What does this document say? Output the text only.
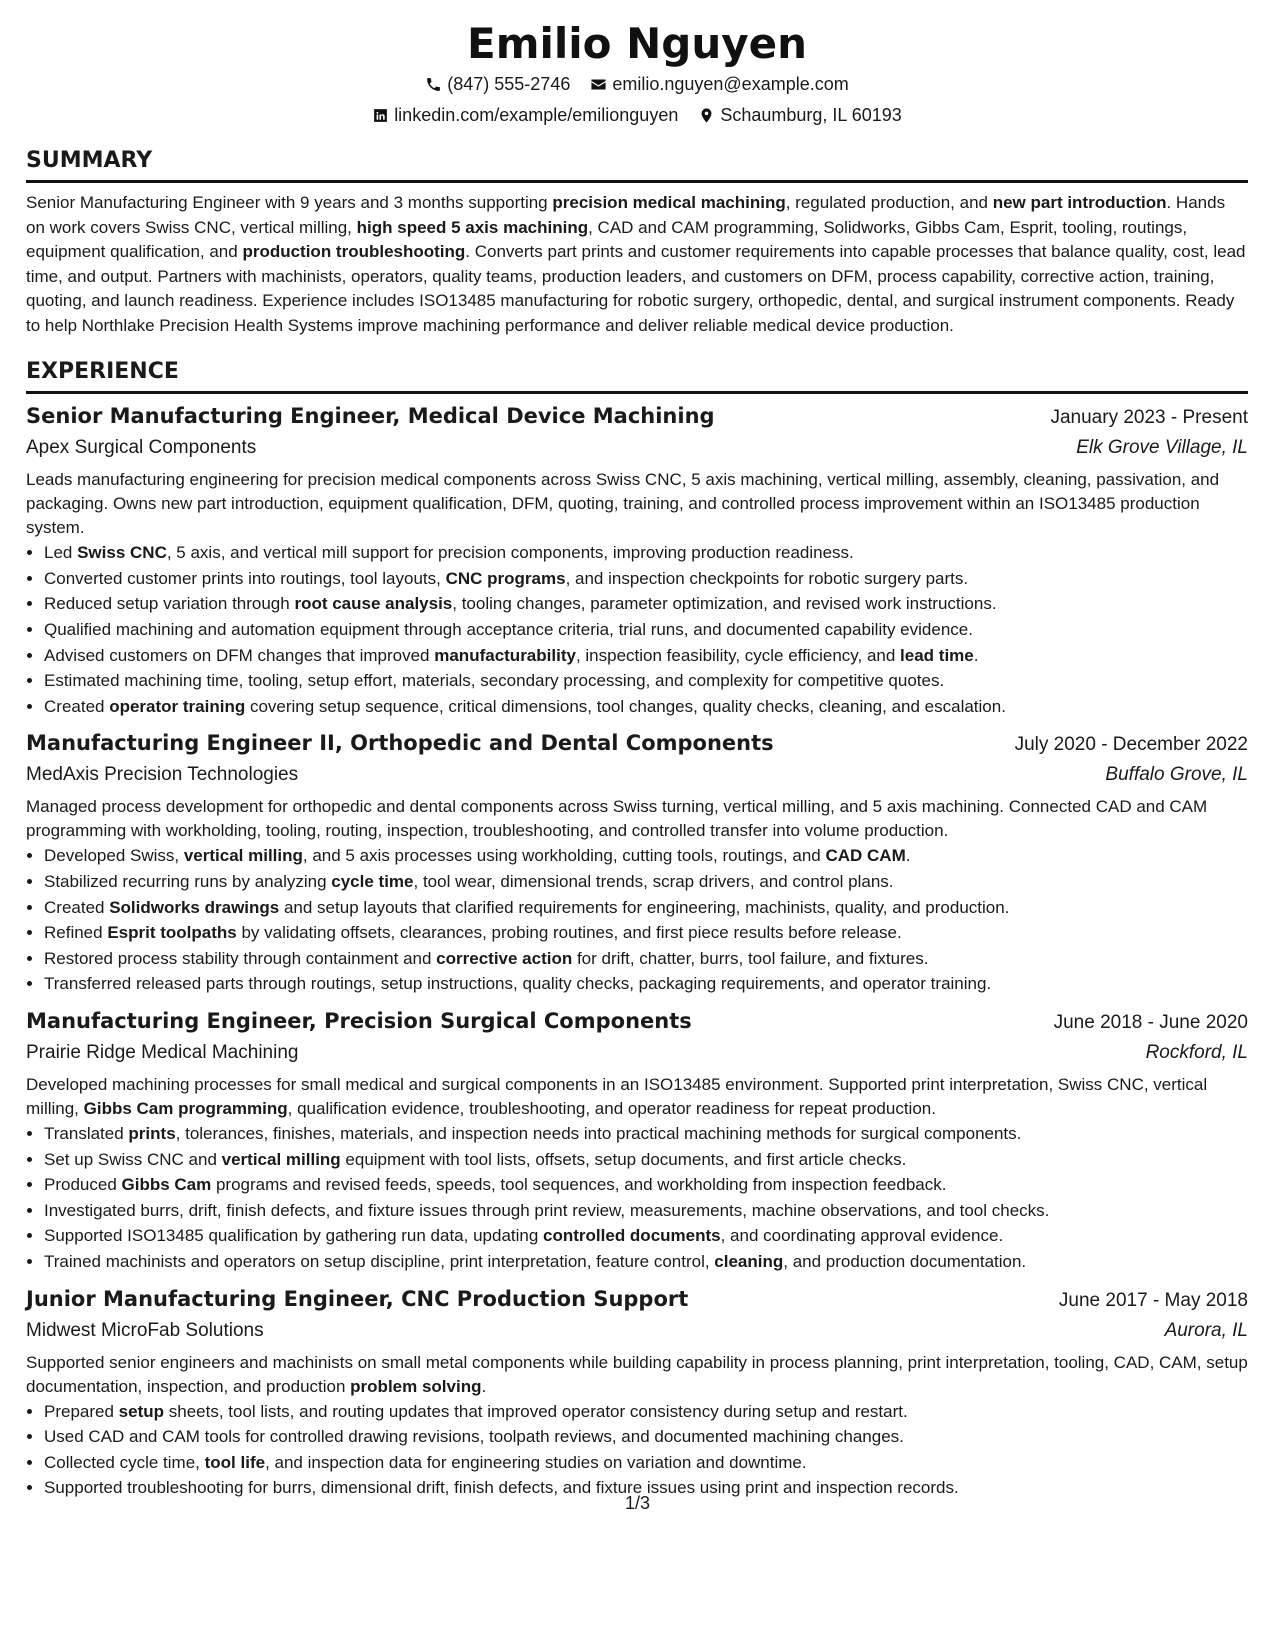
Emilio Nguyen
(847) 555-2746 emilio.nguyen@example.com
linkedin.com/example/emilionguyen Schaumburg, IL 60193
SUMMARY
Senior Manufacturing Engineer with 9 years and 3 months supporting precision medical machining, regulated production, and new part introduction. Hands on work covers Swiss CNC, vertical milling, high speed 5 axis machining, CAD and CAM programming, Solidworks, Gibbs Cam, Esprit, tooling, routings, equipment qualification, and production troubleshooting. Converts part prints and customer requirements into capable processes that balance quality, cost, lead time, and output. Partners with machinists, operators, quality teams, production leaders, and customers on DFM, process capability, corrective action, training, quoting, and launch readiness. Experience includes ISO13485 manufacturing for robotic surgery, orthopedic, dental, and surgical instrument components. Ready to help Northlake Precision Health Systems improve machining performance and deliver reliable medical device production.
EXPERIENCE
Senior Manufacturing Engineer, Medical Device Machining	January 2023 - Present
Apex Surgical Components	Elk Grove Village, IL
Leads manufacturing engineering for precision medical components across Swiss CNC, 5 axis machining, vertical milling, assembly, cleaning, passivation, and packaging. Owns new part introduction, equipment qualification, DFM, quoting, training, and controlled process improvement within an ISO13485 production system.
• Led Swiss CNC, 5 axis, and vertical mill support for precision components, improving production readiness.
• Converted customer prints into routings, tool layouts, CNC programs, and inspection checkpoints for robotic surgery parts.
• Reduced setup variation through root cause analysis, tooling changes, parameter optimization, and revised work instructions.
• Qualified machining and automation equipment through acceptance criteria, trial runs, and documented capability evidence.
• Advised customers on DFM changes that improved manufacturability, inspection feasibility, cycle efficiency, and lead time.
• Estimated machining time, tooling, setup effort, materials, secondary processing, and complexity for competitive quotes.
• Created operator training covering setup sequence, critical dimensions, tool changes, quality checks, cleaning, and escalation.
Manufacturing Engineer II, Orthopedic and Dental Components	July 2020 - December 2022
MedAxis Precision Technologies	Buffalo Grove, IL
Managed process development for orthopedic and dental components across Swiss turning, vertical milling, and 5 axis machining. Connected CAD and CAM programming with workholding, tooling, routing, inspection, troubleshooting, and controlled transfer into volume production.
• Developed Swiss, vertical milling, and 5 axis processes using workholding, cutting tools, routings, and CAD CAM.
• Stabilized recurring runs by analyzing cycle time, tool wear, dimensional trends, scrap drivers, and control plans.
• Created Solidworks drawings and setup layouts that clarified requirements for engineering, machinists, quality, and production.
• Refined Esprit toolpaths by validating offsets, clearances, probing routines, and first piece results before release.
• Restored process stability through containment and corrective action for drift, chatter, burrs, tool failure, and fixtures.
• Transferred released parts through routings, setup instructions, quality checks, packaging requirements, and operator training.
Manufacturing Engineer, Precision Surgical Components	June 2018 - June 2020
Prairie Ridge Medical Machining	Rockford, IL
Developed machining processes for small medical and surgical components in an ISO13485 environment. Supported print interpretation, Swiss CNC, vertical milling, Gibbs Cam programming, qualification evidence, troubleshooting, and operator readiness for repeat production.
• Translated prints, tolerances, finishes, materials, and inspection needs into practical machining methods for surgical components.
• Set up Swiss CNC and vertical milling equipment with tool lists, offsets, setup documents, and first article checks.
• Produced Gibbs Cam programs and revised feeds, speeds, tool sequences, and workholding from inspection feedback.
• Investigated burrs, drift, finish defects, and fixture issues through print review, measurements, machine observations, and tool checks.
• Supported ISO13485 qualification by gathering run data, updating controlled documents, and coordinating approval evidence.
• Trained machinists and operators on setup discipline, print interpretation, feature control, cleaning, and production documentation.
Junior Manufacturing Engineer, CNC Production Support	June 2017 - May 2018
Midwest MicroFab Solutions	Aurora, IL
Supported senior engineers and machinists on small metal components while building capability in process planning, print interpretation, tooling, CAD, CAM, setup documentation, inspection, and production problem solving.
• Prepared setup sheets, tool lists, and routing updates that improved operator consistency during setup and restart.
• Used CAD and CAM tools for controlled drawing revisions, toolpath reviews, and documented machining changes.
• Collected cycle time, tool life, and inspection data for engineering studies on variation and downtime.
• Supported troubleshooting for burrs, dimensional drift, finish defects, and fixture issues using print and inspection records.
1/3
